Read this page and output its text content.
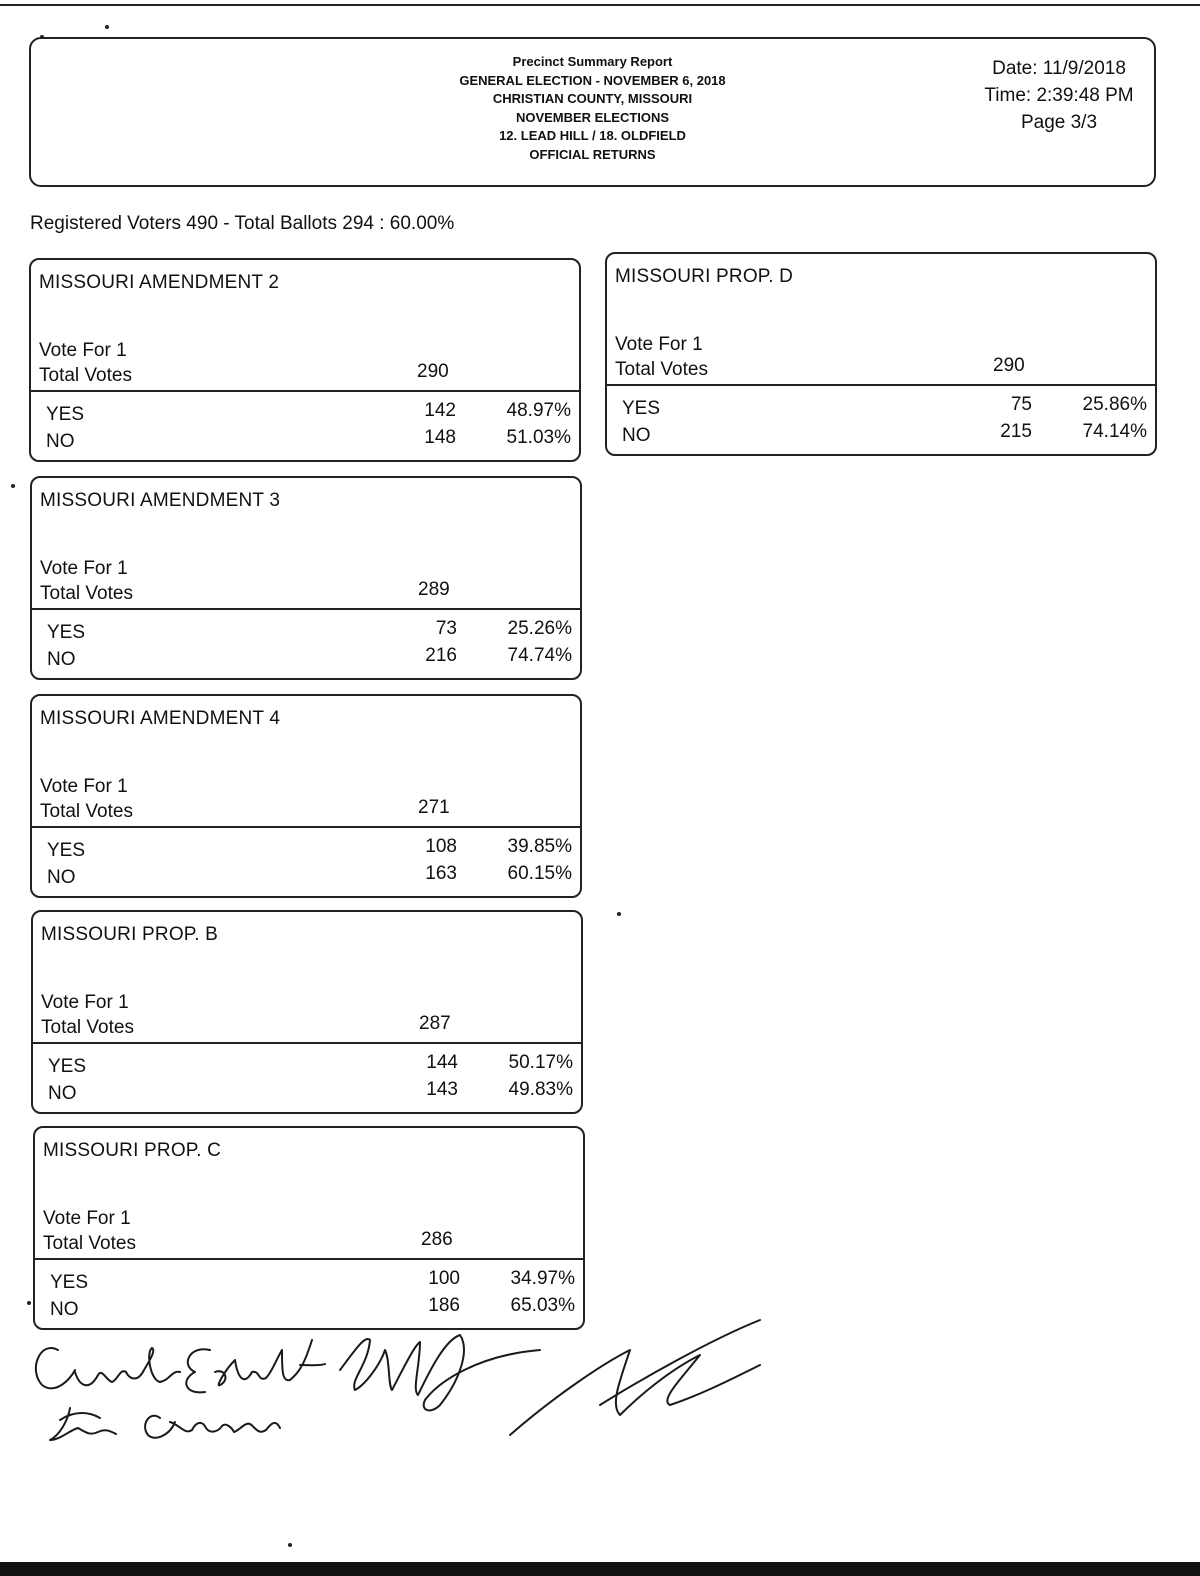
Precinct Summary Report
GENERAL ELECTION - NOVEMBER 6, 2018
CHRISTIAN COUNTY, MISSOURI
NOVEMBER ELECTIONS
12. LEAD HILL / 18. OLDFIELD
OFFICIAL RETURNS
Date: 11/9/2018
Time: 2:39:48 PM
Page 3/3
Registered Voters 490 - Total Ballots 294 : 60.00%
MISSOURI AMENDMENT 2
Vote For 1
Total Votes	290
YES	142	48.97%
NO	148	51.03%
MISSOURI AMENDMENT 3
Vote For 1
Total Votes	289
YES	73	25.26%
NO	216	74.74%
MISSOURI AMENDMENT 4
Vote For 1
Total Votes	271
YES	108	39.85%
NO	163	60.15%
MISSOURI PROP. B
Vote For 1
Total Votes	287
YES	144	50.17%
NO	143	49.83%
MISSOURI PROP. C
Vote For 1
Total Votes	286
YES	100	34.97%
NO	186	65.03%
MISSOURI PROP. D
Vote For 1
Total Votes	290
YES	75	25.86%
NO	215	74.14%
